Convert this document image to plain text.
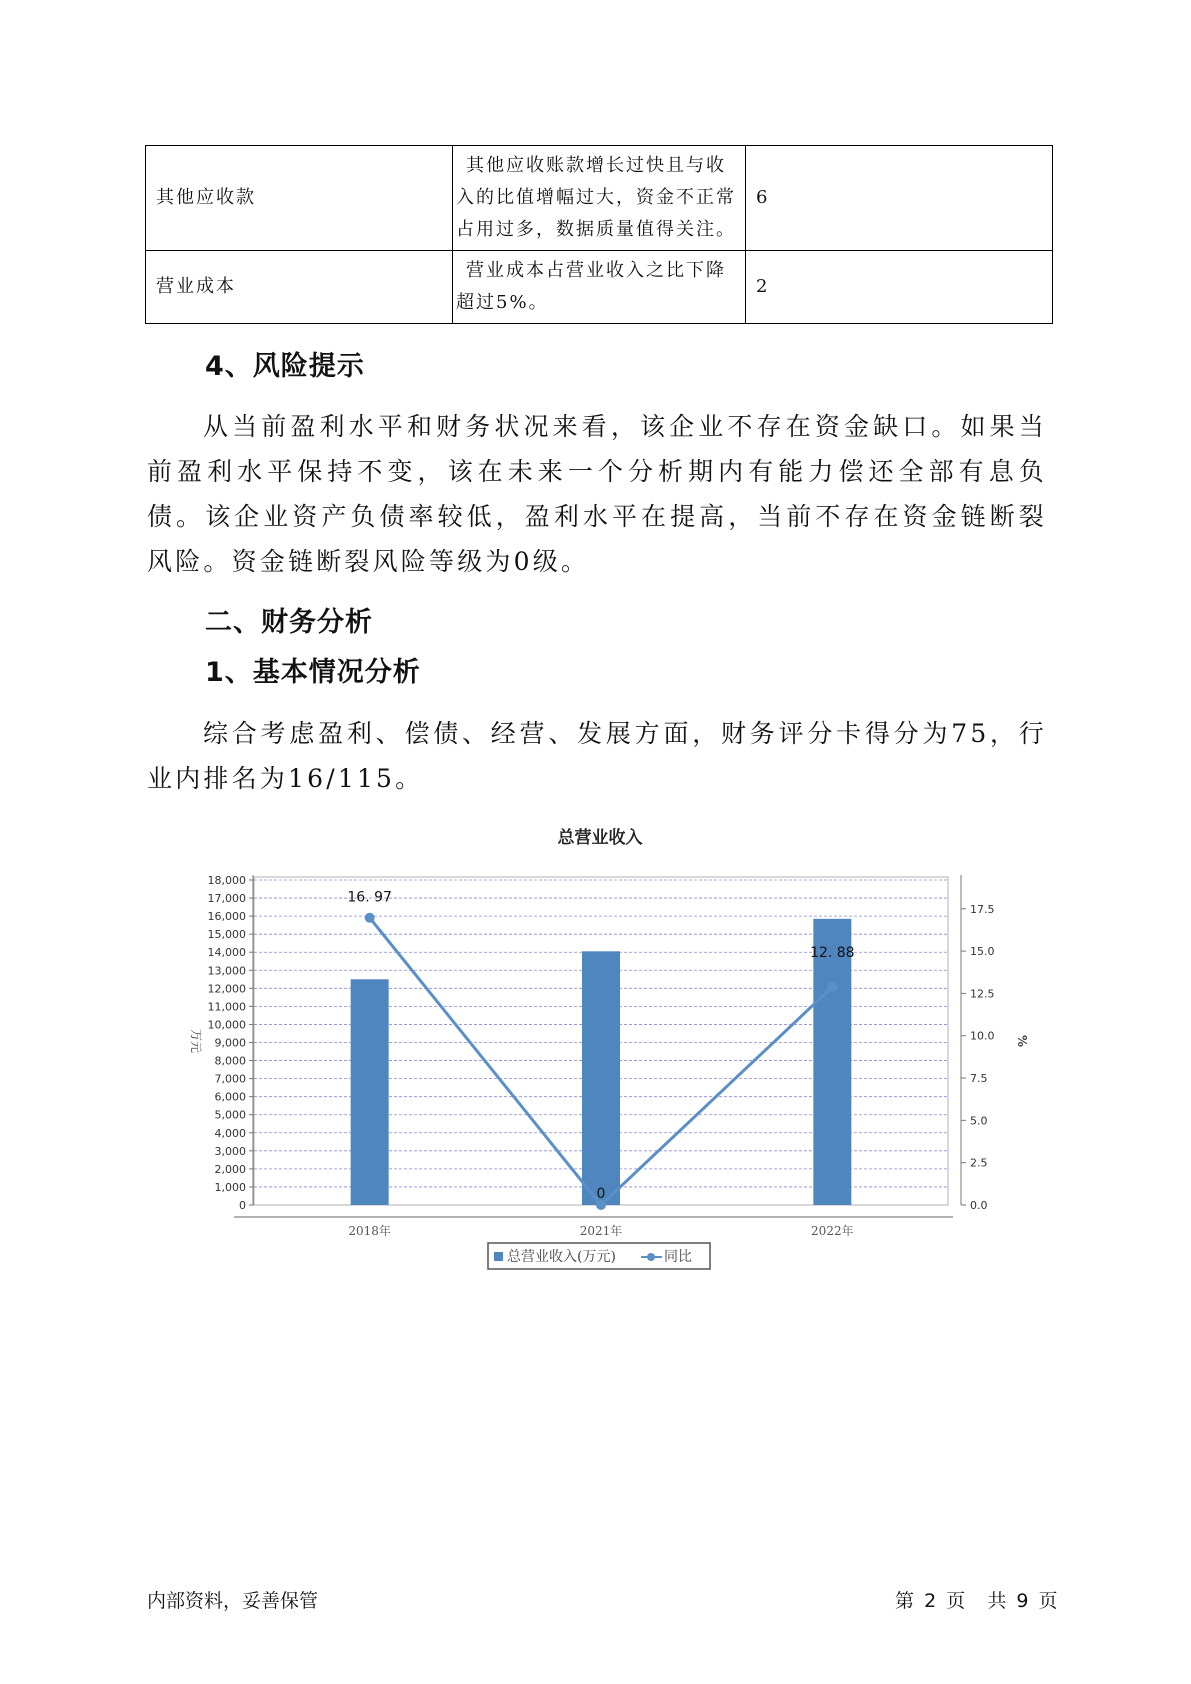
其他应收款	其他应收账款增长过快且与收入的比值增幅过大，资金不正常占用过多，数据质量值得关注。	6
营业成本	营业成本占营业收入之比下降超过5%。	2
4、风险提示

从当前盈利水平和财务状况来看，该企业不存在资金缺口。如果当前盈利水平保持不变，该在未来一个分析期内有能力偿还全部有息负债。该企业资产负债率较低，盈利水平在提高，当前不存在资金链断裂风险。资金链断裂风险等级为0级。

二、财务分析
1、基本情况分析

综合考虑盈利、偿债、经营、发展方面，财务评分卡得分为75，行业内排名为16/115。

总营业收入
16. 97
0
12. 88
0
1,000
2,000
3,000
4,000
5,000
6,000
7,000
8,000
9,000
10,000
11,000
12,000
13,000
14,000
15,000
16,000
17,000
18,000
0.0
2.5
5.0
7.5
10.0
12.5
15.0
17.5
2018年	2021年	2022年
万元	%
总营业收入(万元)	同比
内部资料，妥善保管	第 2 页 共 9 页
